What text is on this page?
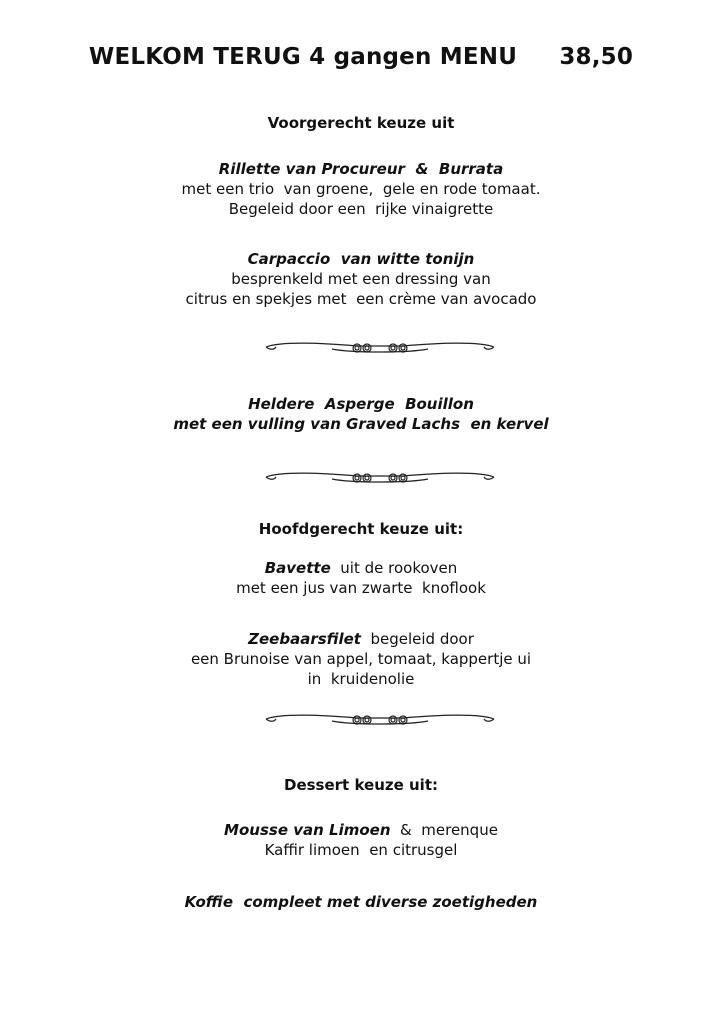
WELKOM TERUG 4 gangen MENU 38,50
Voorgerecht keuze uit
Rillette van Procureur  &  Burrata
met een trio  van groene,  gele en rode tomaat.
Begeleid door een  rijke vinaigrette
Carpaccio  van witte tonijn
besprenkeld met een dressing van
citrus en spekjes met  een crème van avocado
Heldere  Asperge  Bouillon
met een vulling van Graved Lachs  en kervel
Hoofdgerecht keuze uit:
Bavette  uit de rookoven
met een jus van zwarte  knoflook
Zeebaarsfilet  begeleid door
een Brunoise van appel, tomaat, kappertje ui
in  kruidenolie
Dessert keuze uit:
Mousse van Limoen  &  merenque
Kaffir limoen  en citrusgel
Koffie  compleet met diverse zoetigheden
